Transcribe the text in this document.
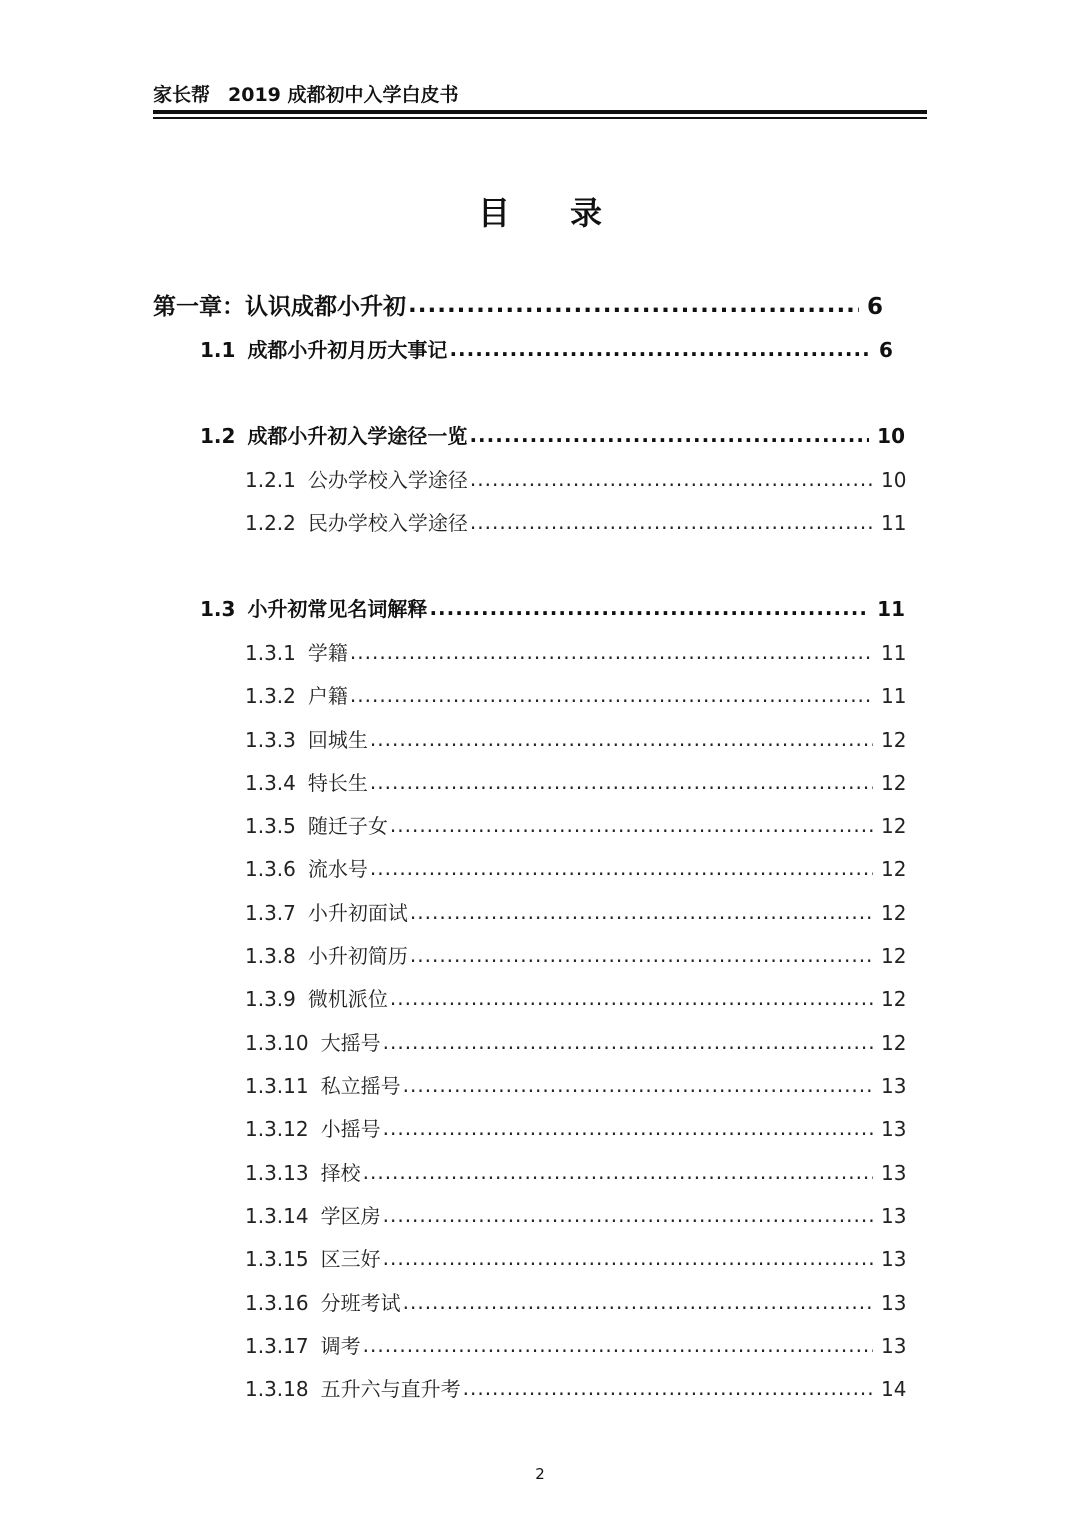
家长帮 2019 成都初中入学白皮书
目录
第一章：认识成都小升初 .....	6
1.1 成都小升初月历大事记 .....	6
1.2 成都小升初入学途径一览 .....	10
1.2.1 公办学校入学途径 .....	10
1.2.2 民办学校入学途径 .....	11
1.3 小升初常见名词解释 .....	11
1.3.1 学籍 .....	11
1.3.2 户籍 .....	11
1.3.3 回城生 .....	12
1.3.4 特长生 .....	12
1.3.5 随迁子女 .....	12
1.3.6 流水号 .....	12
1.3.7 小升初面试 .....	12
1.3.8 小升初简历 .....	12
1.3.9 微机派位 .....	12
1.3.10 大摇号 .....	12
1.3.11 私立摇号 .....	13
1.3.12 小摇号 .....	13
1.3.13 择校 .....	13
1.3.14 学区房 .....	13
1.3.15 区三好 .....	13
1.3.16 分班考试 .....	13
1.3.17 调考 .....	13
1.3.18 五升六与直升考 .....	14
2
